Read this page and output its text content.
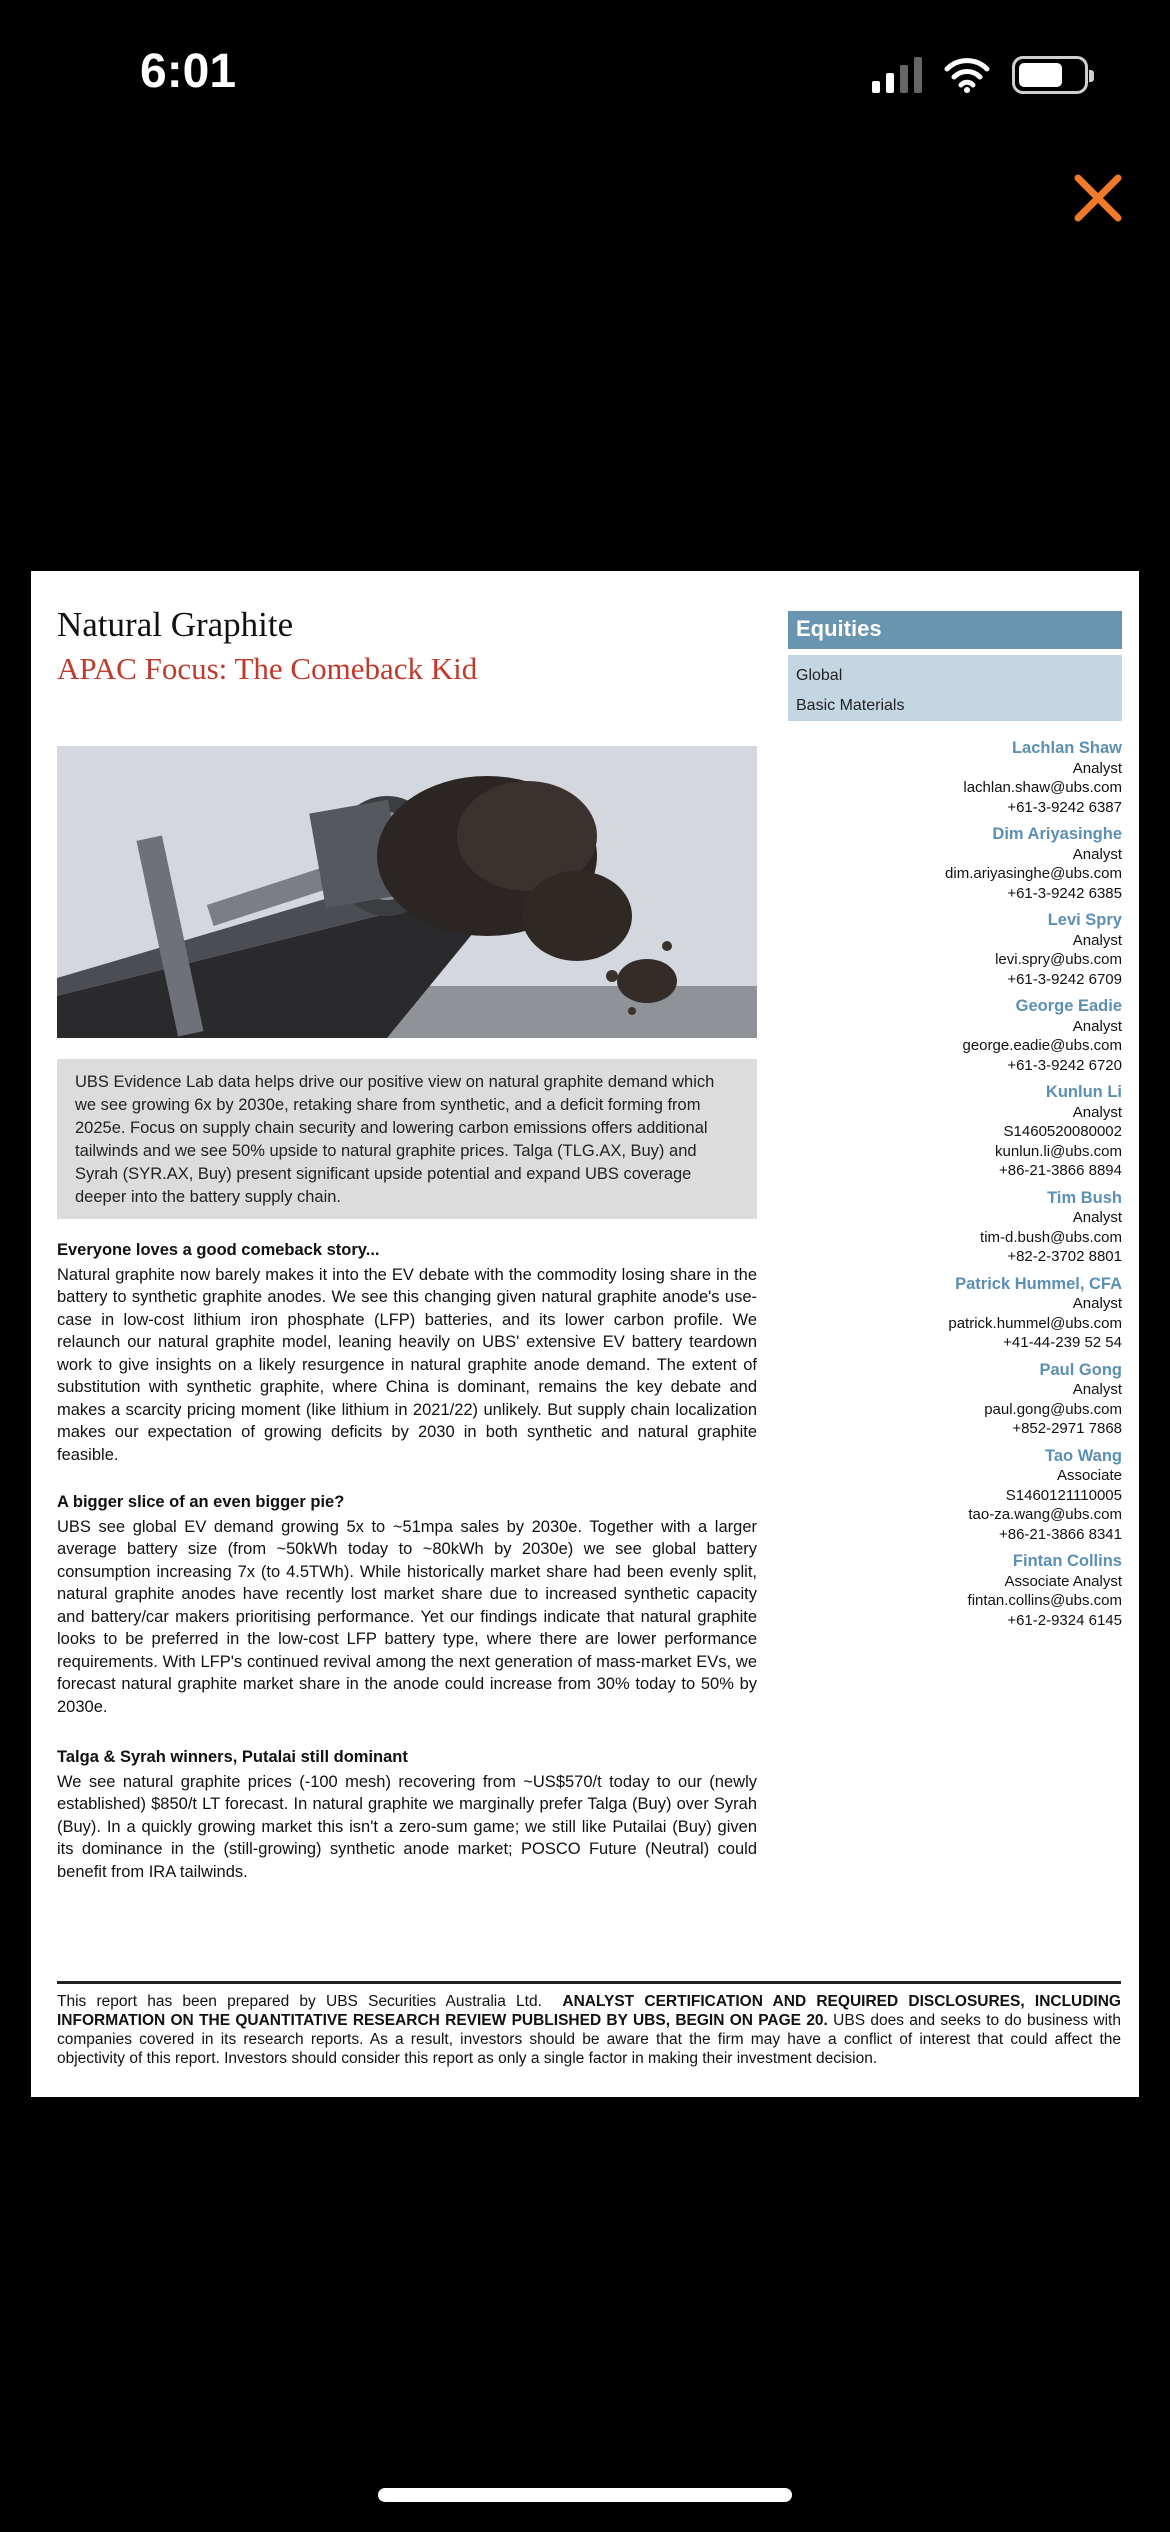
6:01
Natural Graphite
APAC Focus: The Comeback Kid
UBS Evidence Lab data helps drive our positive view on natural graphite demand which we see growing 6x by 2030e, retaking share from synthetic, and a deficit forming from 2025e. Focus on supply chain security and lowering carbon emissions offers additional tailwinds and we see 50% upside to natural graphite prices. Talga (TLG.AX, Buy) and Syrah (SYR.AX, Buy) present significant upside potential and expand UBS coverage deeper into the battery supply chain.
Everyone loves a good comeback story...

Natural graphite now barely makes it into the EV debate with the commodity losing share in the battery to synthetic graphite anodes. We see this changing given natural graphite anode's use-case in low-cost lithium iron phosphate (LFP) batteries, and its lower carbon profile. We relaunch our natural graphite model, leaning heavily on UBS' extensive EV battery teardown work to give insights on a likely resurgence in natural graphite anode demand. The extent of substitution with synthetic graphite, where China is dominant, remains the key debate and makes a scarcity pricing moment (like lithium in 2021/22) unlikely. But supply chain localization makes our expectation of growing deficits by 2030 in both synthetic and natural graphite feasible.

A bigger slice of an even bigger pie?

UBS see global EV demand growing 5x to ~51mpa sales by 2030e. Together with a larger average battery size (from ~50kWh today to ~80kWh by 2030e) we see global battery consumption increasing 7x (to 4.5TWh). While historically market share had been evenly split, natural graphite anodes have recently lost market share due to increased synthetic capacity and battery/car makers prioritising performance. Yet our findings indicate that natural graphite looks to be preferred in the low-cost LFP battery type, where there are lower performance requirements. With LFP's continued revival among the next generation of mass-market EVs, we forecast natural graphite market share in the anode could increase from 30% today to 50% by 2030e.

Talga & Syrah winners, Putalai still dominant

We see natural graphite prices (-100 mesh) recovering from ~US$570/t today to our (newly established) $850/t LT forecast. In natural graphite we marginally prefer Talga (Buy) over Syrah (Buy). In a quickly growing market this isn't a zero-sum game; we still like Putailai (Buy) given its dominance in the (still-growing) synthetic anode market; POSCO Future (Neutral) could benefit from IRA tailwinds.

Equities
Global
Basic Materials
Lachlan Shaw
Analyst
lachlan.shaw@ubs.com
+61-3-9242 6387
Dim Ariyasinghe
Analyst
dim.ariyasinghe@ubs.com
+61-3-9242 6385
Levi Spry
Analyst
levi.spry@ubs.com
+61-3-9242 6709
George Eadie
Analyst
george.eadie@ubs.com
+61-3-9242 6720
Kunlun Li
Analyst
S1460520080002
kunlun.li@ubs.com
+86-21-3866 8894
Tim Bush
Analyst
tim-d.bush@ubs.com
+82-2-3702 8801
Patrick Hummel, CFA
Analyst
patrick.hummel@ubs.com
+41-44-239 52 54
Paul Gong
Analyst
paul.gong@ubs.com
+852-2971 7868
Tao Wang
Associate
S1460121110005
tao-za.wang@ubs.com
+86-21-3866 8341
Fintan Collins
Associate Analyst
fintan.collins@ubs.com
+61-2-9324 6145
This report has been prepared by UBS Securities Australia Ltd. ANALYST CERTIFICATION AND REQUIRED DISCLOSURES, INCLUDING INFORMATION ON THE QUANTITATIVE RESEARCH REVIEW PUBLISHED BY UBS, BEGIN ON PAGE 20. UBS does and seeks to do business with companies covered in its research reports. As a result, investors should be aware that the firm may have a conflict of interest that could affect the objectivity of this report. Investors should consider this report as only a single factor in making their investment decision.
